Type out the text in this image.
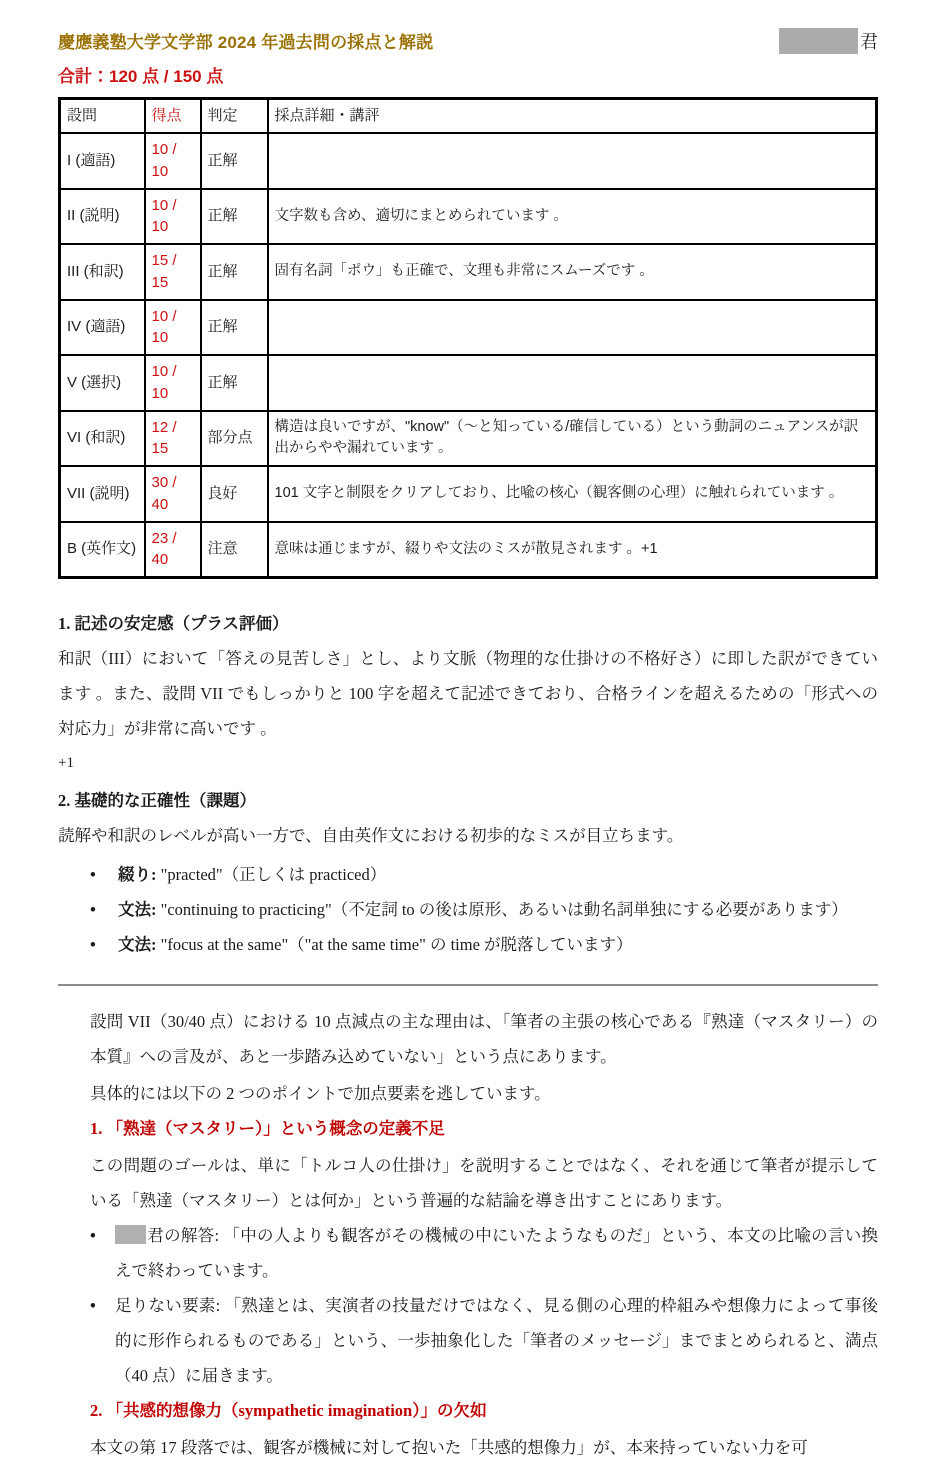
慶應義塾大学文学部 2024 年過去問の採点と解説	君
合計：120 点 / 150 点
設問	得点	判定	採点詳細・講評
I (適語)	10 / 10	正解	
II (説明)	10 / 10	正解	文字数も含め、適切にまとめられています 。
III (和訳)	15 / 15	正解	固有名詞「ポウ」も正確で、文理も非常にスムーズです 。
IV (適語)	10 / 10	正解	
V (選択)	10 / 10	正解	
VI (和訳)	12 / 15	部分点	構造は良いですが、"know"（〜と知っている/確信している）という動詞のニュアンスが訳出からやや漏れています 。
VII (説明)	30 / 40	良好	101 文字と制限をクリアしており、比喩の核心（観客側の心理）に触れられています 。
B (英作文)	23 / 40	注意	意味は通じますが、綴りや文法のミスが散見されます 。+1
1. 記述の安定感（プラス評価）

和訳（III）において「答えの見苦しさ」とし、より文脈（物理的な仕掛けの不格好さ）に即した訳ができています 。また、設問 VII でもしっかりと 100 字を超えて記述できており、合格ラインを超えるための「形式への対応力」が非常に高いです 。

+1
2. 基礎的な正確性（課題）

読解や和訳のレベルが高い一方で、自由英作文における初歩的なミスが目立ちます。

• 綴り: "practed"（正しくは practiced）
• 文法: "continuing to practicing"（不定詞 to の後は原形、あるいは動名詞単独にする必要があります）
• 文法: "focus at the same"（"at the same time" の time が脱落しています）

設問 VII（30/40 点）における 10 点減点の主な理由は、「筆者の主張の核心である『熟達（マスタリー）の本質』への言及が、あと一歩踏み込めていない」という点にあります。

具体的には以下の 2 つのポイントで加点要素を逃しています。

1. 「熟達（マスタリー）」という概念の定義不足

この問題のゴールは、単に「トルコ人の仕掛け」を説明することではなく、それを通じて筆者が提示している「熟達（マスタリー）とは何か」という普遍的な結論を導き出すことにあります。

• 君の解答: 「中の人よりも観客がその機械の中にいたようなものだ」という、本文の比喩の言い換えで終わっています。
• 足りない要素: 「熟達とは、実演者の技量だけではなく、見る側の心理的枠組みや想像力によって事後的に形作られるものである」という、一歩抽象化した「筆者のメッセージ」までまとめられると、満点（40 点）に届きます。
2. 「共感的想像力（sympathetic imagination）」の欠如

本文の第 17 段落では、観客が機械に対して抱いた「共感的想像力」が、本来持っていない力を可
